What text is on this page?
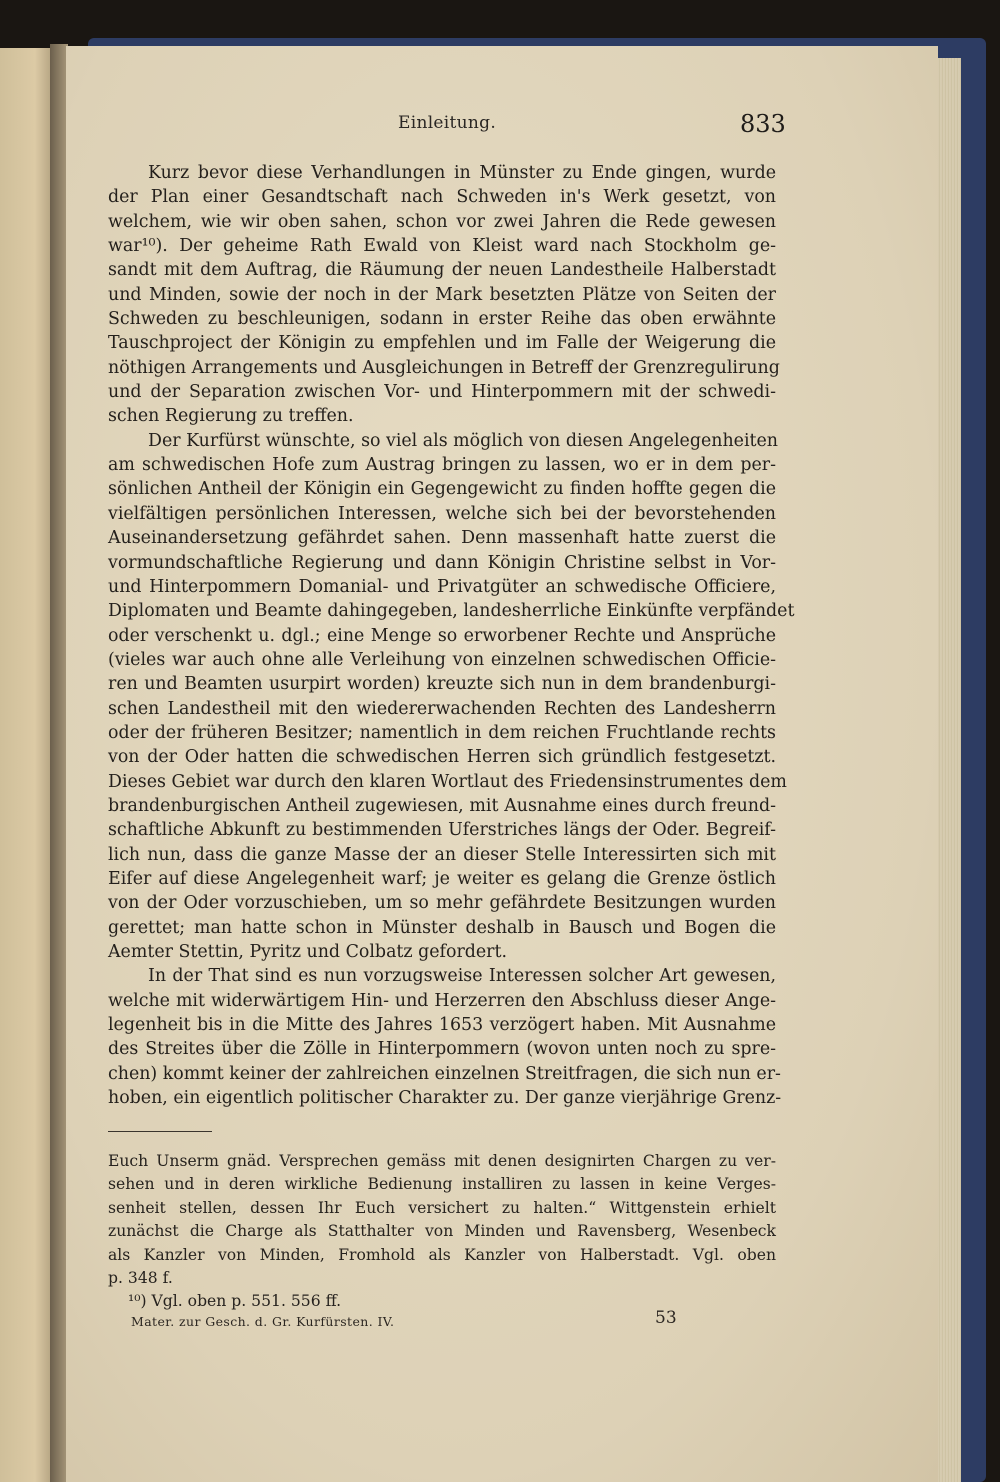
Einleitung.	833
Kurz bevor diese Verhandlungen in Münster zu Ende gingen, wurde
der Plan einer Gesandtschaft nach Schweden in's Werk gesetzt, von
welchem, wie wir oben sahen, schon vor zwei Jahren die Rede gewesen
war¹⁰). Der geheime Rath Ewald von Kleist ward nach Stockholm ge-
sandt mit dem Auftrag, die Räumung der neuen Landestheile Halberstadt
und Minden, sowie der noch in der Mark besetzten Plätze von Seiten der
Schweden zu beschleunigen, sodann in erster Reihe das oben erwähnte
Tauschproject der Königin zu empfehlen und im Falle der Weigerung die
nöthigen Arrangements und Ausgleichungen in Betreff der Grenzregulirung
und der Separation zwischen Vor- und Hinterpommern mit der schwedi-
schen Regierung zu treffen.
Der Kurfürst wünschte, so viel als möglich von diesen Angelegenheiten
am schwedischen Hofe zum Austrag bringen zu lassen, wo er in dem per-
sönlichen Antheil der Königin ein Gegengewicht zu finden hoffte gegen die
vielfältigen persönlichen Interessen, welche sich bei der bevorstehenden
Auseinandersetzung gefährdet sahen. Denn massenhaft hatte zuerst die
vormundschaftliche Regierung und dann Königin Christine selbst in Vor-
und Hinterpommern Domanial- und Privatgüter an schwedische Officiere,
Diplomaten und Beamte dahingegeben, landesherrliche Einkünfte verpfändet
oder verschenkt u. dgl.; eine Menge so erworbener Rechte und Ansprüche
(vieles war auch ohne alle Verleihung von einzelnen schwedischen Officie-
ren und Beamten usurpirt worden) kreuzte sich nun in dem brandenburgi-
schen Landestheil mit den wiedererwachenden Rechten des Landesherrn
oder der früheren Besitzer; namentlich in dem reichen Fruchtlande rechts
von der Oder hatten die schwedischen Herren sich gründlich festgesetzt.
Dieses Gebiet war durch den klaren Wortlaut des Friedensinstrumentes dem
brandenburgischen Antheil zugewiesen, mit Ausnahme eines durch freund-
schaftliche Abkunft zu bestimmenden Uferstriches längs der Oder. Begreif-
lich nun, dass die ganze Masse der an dieser Stelle Interessirten sich mit
Eifer auf diese Angelegenheit warf; je weiter es gelang die Grenze östlich
von der Oder vorzuschieben, um so mehr gefährdete Besitzungen wurden
gerettet; man hatte schon in Münster deshalb in Bausch und Bogen die
Aemter Stettin, Pyritz und Colbatz gefordert.
In der That sind es nun vorzugsweise Interessen solcher Art gewesen,
welche mit widerwärtigem Hin- und Herzerren den Abschluss dieser Ange-
legenheit bis in die Mitte des Jahres 1653 verzögert haben. Mit Ausnahme
des Streites über die Zölle in Hinterpommern (wovon unten noch zu spre-
chen) kommt keiner der zahlreichen einzelnen Streitfragen, die sich nun er-
hoben, ein eigentlich politischer Charakter zu. Der ganze vierjährige Grenz-
Euch Unserm gnäd. Versprechen gemäss mit denen designirten Chargen zu ver-
sehen und in deren wirkliche Bedienung installiren zu lassen in keine Verges-
senheit stellen, dessen Ihr Euch versichert zu halten.“ Wittgenstein erhielt
zunächst die Charge als Statthalter von Minden und Ravensberg, Wesenbeck
als Kanzler von Minden, Fromhold als Kanzler von Halberstadt. Vgl. oben
p. 348 f.
¹⁰) Vgl. oben p. 551. 556 ff.
Mater. zur Gesch. d. Gr. Kurfürsten. IV.	53
